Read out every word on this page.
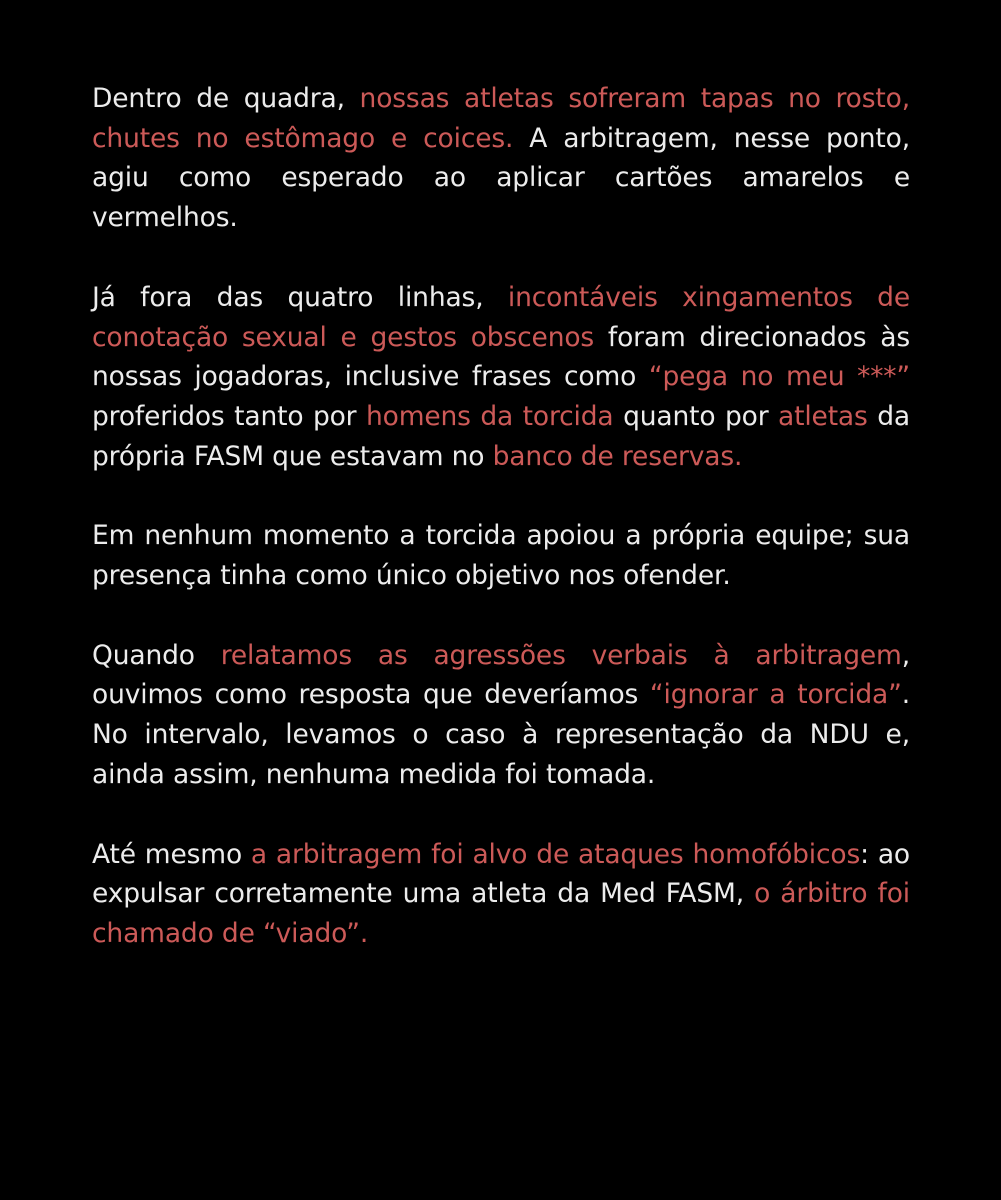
Dentro de quadra, nossas atletas sofreram tapas no rosto, chutes no estômago e coices. A arbitragem, nesse ponto, agiu como esperado ao aplicar cartões amarelos e vermelhos.

Já fora das quatro linhas, incontáveis xingamentos de conotação sexual e gestos obscenos foram direcionados às nossas jogadoras, inclusive frases como “pega no meu ***” proferidos tanto por homens da torcida quanto por atletas da própria FASM que estavam no banco de reservas.

Em nenhum momento a torcida apoiou a própria equipe; sua presença tinha como único objetivo nos ofender.

Quando relatamos as agressões verbais à arbitragem, ouvimos como resposta que deveríamos “ignorar a torcida”. No intervalo, levamos o caso à representação da NDU e, ainda assim, nenhuma medida foi tomada.

Até mesmo a arbitragem foi alvo de ataques homofóbicos: ao expulsar corretamente uma atleta da Med FASM, o árbitro foi chamado de “viado”.
